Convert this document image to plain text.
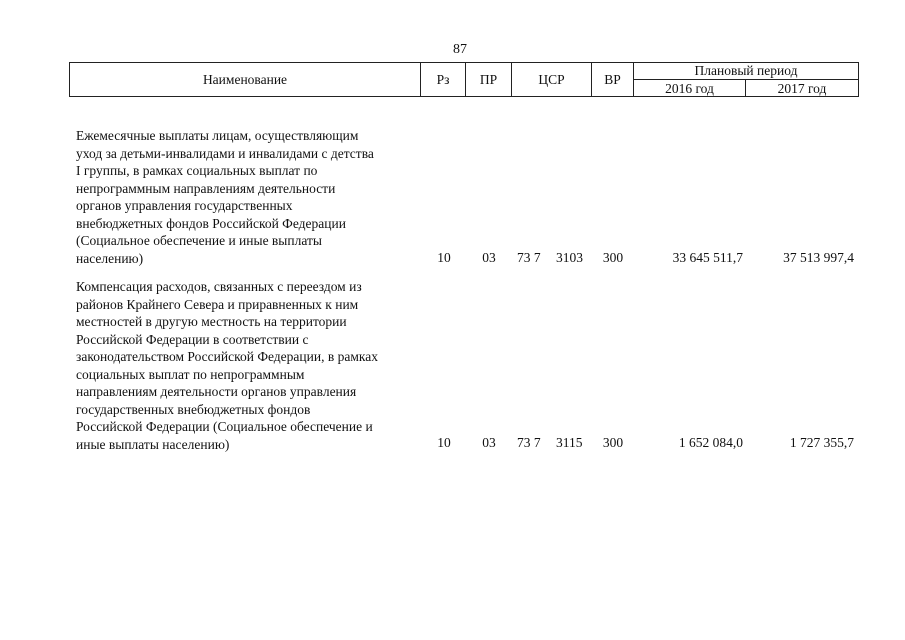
87
Наименование	Рз	ПР	ЦСР	ВР
Плановый период
2016 год	2017 год
Ежемесячные выплаты лицам, осуществляющим
уход за детьми-инвалидами и инвалидами с детства
I группы, в рамках социальных выплат по
непрограммным направлениям деятельности
органов управления государственных
внебюджетных фондов Российской Федерации
(Социальное обеспечение и иные выплаты
населению)	10	03	73 7 3103	300	33 645 511,7	37 513 997,4
Компенсация расходов, связанных с переездом из
районов Крайнего Севера и приравненных к ним
местностей в другую местность на территории
Российской Федерации в соответствии с
законодательством Российской Федерации, в рамках
социальных выплат по непрограммным
направлениям деятельности органов управления
государственных внебюджетных фондов
Российской Федерации (Социальное обеспечение и
иные выплаты населению)	10	03	73 7 3115	300	1 652 084,0	1 727 355,7
